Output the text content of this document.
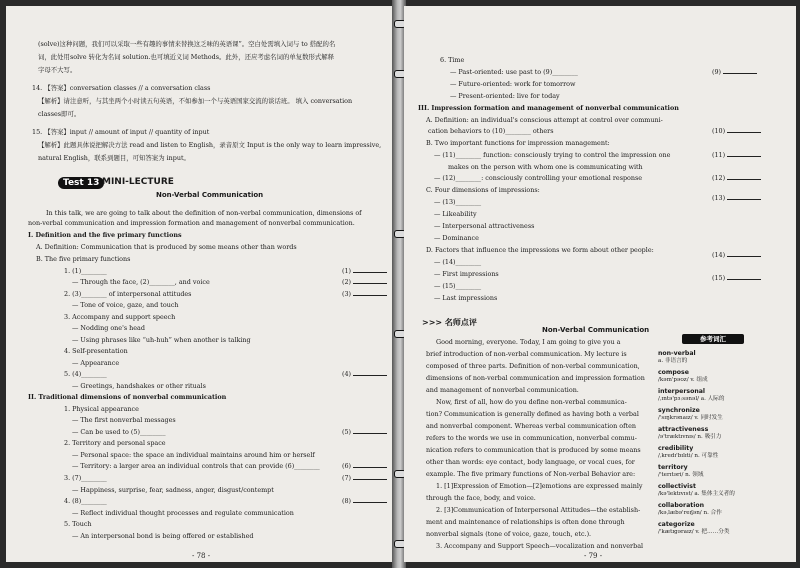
(solve)这种问题，我们可以采取一些有趣的事情来替换这乏味的英语课”。空白处需填入词与 to 搭配的名
词，此处用solve 转化为名词 solution.也可填近义词 Methods。此外，还应考虑名词的单复数形式解释
字母不大写。
14. 【答案】conversation classes // a conversation class
【解析】请注意听，与其坐两个小时读五句英语，不如参加一个与英语国家交流的谈话班。 填入 conversation
classes即可。
15. 【答案】input // amount of input // quantity of input
【解析】此题具体说把解决方法 read and listen to English，录音原文 Input is the only way to learn impressive,
natural English，联系到题目，可知答案为 input。
Test 13 MINI-LECTURE
Non-Verbal Communication
In this talk, we are going to talk about the definition of non-verbal communication, dimensions of
non-verbal communication and impression formation and management of nonverbal communication.
I. Definition and the five primary functions
A. Definition: Communication that is produced by some means other than words
B. The five primary functions
1. (1)________
— Through the face, (2)________, and voice
2. (3)________ of interpersonal attitudes
— Tone of voice, gaze, and touch
3. Accompany and support speech
— Nodding one's head
— Using phrases like “uh-huh” when another is talking
4. Self-presentation
— Appearance
5. (4)________
— Greetings, handshakes or other rituals
II. Traditional dimensions of nonverbal communication
1. Physical appearance
— The first nonverbal messages
— Can be used to (5)________
2. Territory and personal space
— Personal space: the space an individual maintains around him or herself
— Territory: a larger area an individual controls that can provide (6)________
3. (7)________
— Happiness, surprise, fear, sadness, anger, disgust/contempt
4. (8)________
— Reflect individual thought processes and regulate communication
5. Touch
— An interpersonal bond is being offered or established
(1)
(2)
(3)
(4)
(5)
(6)
(7)
(8)
- 78 -
6. Time
— Past-oriented: use past to (9)________
— Future-oriented: work for tomorrow
— Present-oriented: live for today
III. Impression formation and management of nonverbal communication
A. Definition: an individual's conscious attempt at control over communi-
cation behaviors to (10)________ others
B. Two important functions for impression management:
— (11)________ function: consciously trying to control the impression one
makes on the person with whom one is communicating with
— (12)________: consciously controlling your emotional response
C. Four dimensions of impressions:
— (13)________
— Likeability
— Interpersonal attractiveness
— Dominance
D. Factors that influence the impressions we form about other people:
— (14)________
— First impressions
— (15)________
— Last impressions
(9)
(10)
(11)
(12)
(13)
(14)
(15)
>>> 名师点评
Non-Verbal Communication
Good morning, everyone. Today, I am going to give you a
brief introduction of non-verbal communication. My lecture is
composed of three parts. Definition of non-verbal communication,
dimensions of non-verbal communication and impression formation
and management of nonverbal communication.
Now, first of all, how do you define non-verbal communica-
tion? Communication is generally defined as having both a verbal
and nonverbal component. Whereas verbal communication often
refers to the words we use in communication, nonverbal commu-
nication refers to communication that is produced by some means
other than words: eye contact, body language, or vocal cues, for
example. The five primary functions of Non-verbal Behavior are:
1. [1]Expression of Emotion—[2]emotions are expressed mainly
through the face, body, and voice.
2. [3]Communication of Interpersonal Attitudes—the establish-
ment and maintenance of relationships is often done through
nonverbal signals (tone of voice, gaze, touch, etc.).
3. Accompany and Support Speech—vocalization and nonverbal
参考词汇
non-verbal
a. 非语言的
compose
/kəm'pəʊz/ v. 组成
interpersonal
/ˌɪntə'pɜːsənəl/ a. 人际的
synchronize
/'sɪŋkrənaɪz/ v. 同时发生
attractiveness
/ə'træktɪvnɪs/ n. 吸引力
credibility
/ˌkredɪ'bɪlɪti/ n. 可靠性
territory
/'terɪtəri/ n. 领域
collectivist
/kə'lektɪvɪst/ a. 集体主义者的
collaboration
/kəˌlæbə'reɪʃən/ n. 合作
categorize
/'kætɪgəraɪz/ v. 把……分类
- 79 -
